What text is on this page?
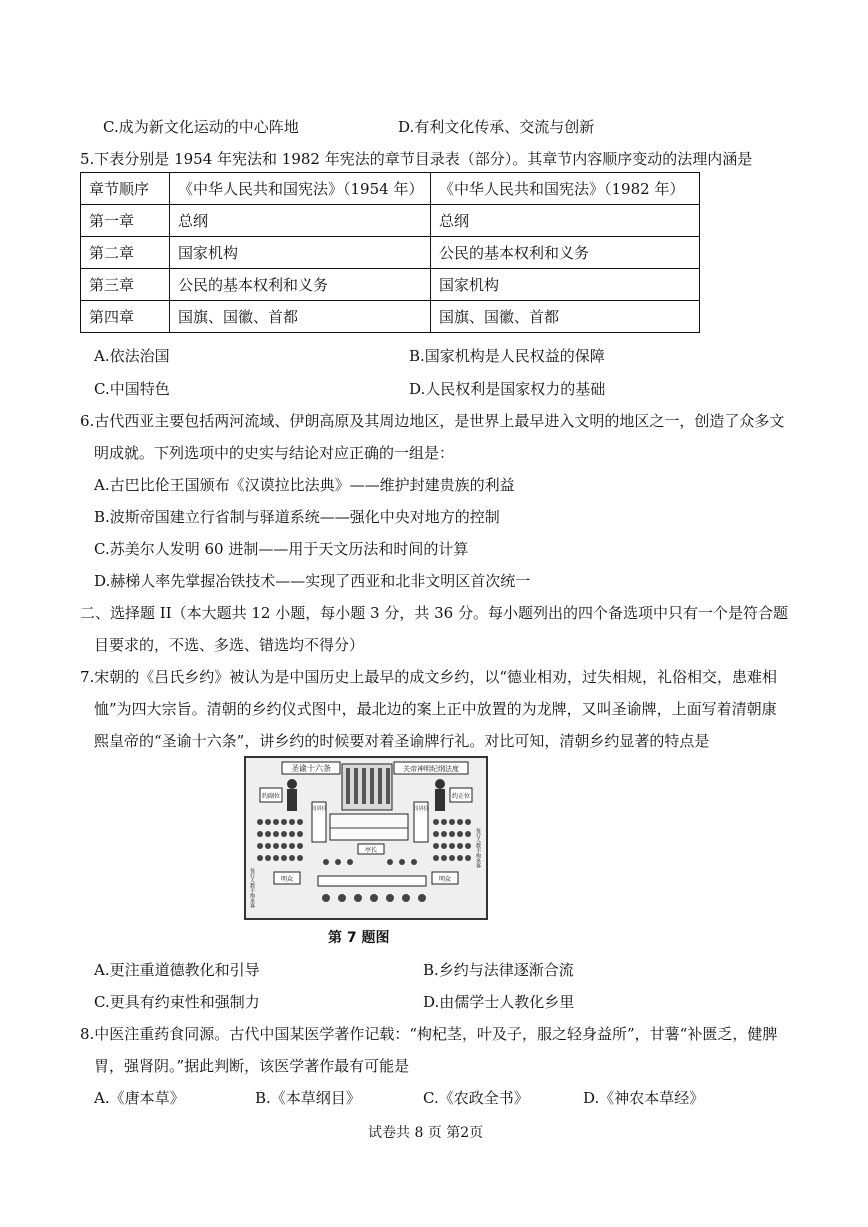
C.成为新文化运动的中心阵地	D.有利文化传承、交流与创新
5.下表分别是 1954 年宪法和 1982 年宪法的章节目录表（部分）。其章节内容顺序变动的法理内涵是
章节顺序	《中华人民共和国宪法》（1954 年）	《中华人民共和国宪法》（1982 年）
第一章	总纲	总纲
第二章	国家机构	公民的基本权利和义务
第三章	公民的基本权利和义务	国家机构
第四章	国旗、国徽、首都	国旗、国徽、首都
A.依法治国	B.国家机构是人民权益的保障
C.中国特色	D.人民权利是国家权力的基础
6.古代西亚主要包括两河流域、伊朗高原及其周边地区，是世界上最早进入文明的地区之一，创造了众多文
明成就。下列选项中的史实与结论对应正确的一组是：
A.古巴比伦王国颁布《汉谟拉比法典》——维护封建贵族的利益
B.波斯帝国建立行省制与驿道系统——强化中央对地方的控制
C.苏美尔人发明 60 进制——用于天文历法和时间的计算
D.赫梯人率先掌握冶铁技术——实现了西亚和北非文明区首次统一
二、选择题 II（本大题共 12 小题，每小题 3 分，共 36 分。每小题列出的四个备选项中只有一个是符合题
目要求的，不选、多选、错选均不得分）
7.宋朝的《吕氏乡约》被认为是中国历史上最早的成文乡约，以“德业相劝，过失相规，礼俗相交，患难相
恤”为四大宗旨。清朝的乡约仪式图中，最北边的案上正中放置的为龙牌，又叫圣谕牌，上面写着清朝康
熙皇帝的“圣谕十六条”，讲乡约的时候要对着圣谕牌行礼。对比可知，清朝乡约显著的特点是
圣谕十六条	关帝神明纪纲法度
约副位	约正位
司讲位	司讲位
亭长
明众	明众
每行人数不拘多寡
每行人数不拘多寡
第 7 题图
A.更注重道德教化和引导	B.乡约与法律逐渐合流
C.更具有约束性和强制力	D.由儒学士人教化乡里
8.中医注重药食同源。古代中国某医学著作记载：“枸杞茎，叶及子，服之轻身益所”，甘薯“补匮乏，健脾
胃，强肾阴。”据此判断，该医学著作最有可能是
A.《唐本草》	B.《本草纲目》	C.《农政全书》	D.《神农本草经》
试卷共 8 页 第2页
